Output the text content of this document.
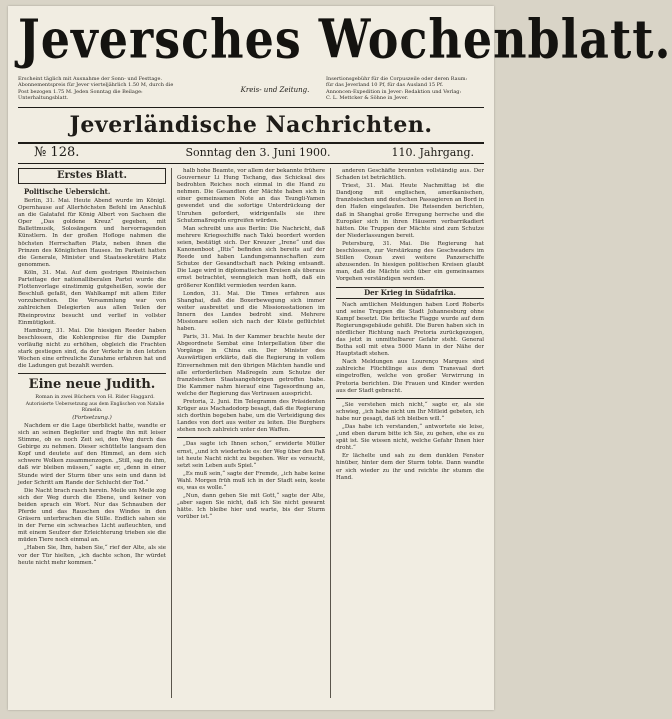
Jeversches Wochenblatt.
Erscheint täglich mit Ausnahme der Sonn- und Festtage. Abonnementspreis für Jever vierteljährlich 1.50 M, durch die Post bezogen 1.75 M. Jeden Sonntag die Beilage: Unterhaltungsblatt.
Kreis- und Zeitung.
Insertionsgebühr für die Corpuszeile oder deren Raum:
für das Jeverland 10 Pf, für das Ausland 15 Pf.
Annoncen-Expedition in Jever: Redaktion und Verlag:
C. L. Mettcker & Söhne in Jever.
Jeverländische Nachrichten.
№ 128.	Sonntag den 3. Juni 1900.	110. Jahrgang.
Erstes Blatt.
Politische Uebersicht.

Berlin, 31. Mai. Heute Abend wurde im Königl. Opernhause auf Allerhöchsten Befehl im Anschluß an die Galatafel für König Albert von Sachsen die Oper „Das goldene Kreuz“ gegeben, mit Ballettmusik, Solosängern und hervorragenden Künstlern. In der großen Hofloge nahmen die höchsten Herrschaften Platz, neben ihnen die Prinzen des Königlichen Hauses. Im Parkett hatten die Generale, Minister und Staatssekretäre Platz genommen.

Köln, 31. Mai. Auf dem gestrigen Rheinischen Parteitage der nationalliberalen Partei wurde die Flottenvorlage einstimmig gutgeheißen, sowie der Beschluß gefaßt, den Wahlkampf mit allem Eifer vorzubereiten. Die Versammlung war von zahlreichen Delegierten aus allen Teilen der Rheinprovinz besucht und verlief in vollster Einmütigkeit.

Hamburg, 31. Mai. Die hiesigen Reeder haben beschlossen, die Kohlenpreise für die Dampfer vorläufig nicht zu erhöhen, obgleich die Frachten stark gestiegen sind, da der Verkehr in den letzten Wochen eine erfreuliche Zunahme erfahren hat und die Ladungen gut bezahlt werden.

Eine neue Judith.

Roman in zwei Büchern von H. Rider Haggard.

Autorisierte Uebersetzung aus dem Englischen von Natalie Rümelin.

(Fortsetzung.)

Nachdem er die Lage überblickt hatte, wandte er sich an seinen Begleiter und fragte ihn mit leiser Stimme, ob es noch Zeit sei, den Weg durch das Gebirge zu nehmen. Dieser schüttelte langsam den Kopf und deutete auf den Himmel, an dem sich schwere Wolken zusammenzogen. „Still, sag du ihm, daß wir bleiben müssen,“ sagte er, „denn in einer Stunde wird der Sturm über uns sein und dann ist jeder Schritt am Rande der Schlucht der Tod.“

Die Nacht brach rasch herein. Meile um Meile zog sich der Weg durch die Ebene, und keiner von beiden sprach ein Wort. Nur das Schnauben der Pferde und das Rauschen des Windes in den Gräsern unterbrachen die Stille. Endlich sahen sie in der Ferne ein schwaches Licht aufleuchten, und mit einem Seufzer der Erleichterung trieben sie die müden Tiere noch einmal an.

„Haben Sie, Ihm, haben Sie,“ rief der Alte, als sie vor der Tür hielten, „ich dachte schon, Ihr würdet heute nicht mehr kommen.“

halb hohe Beamte, vor allem der bekannte frühere Gouverneur Li Hung Tschang, das Schicksal des bedrohten Reiches noch einmal in die Hand zu nehmen. Die Gesandten der Mächte haben sich in einer gemeinsamen Note an das Tsungli-Yamen gewendet und die sofortige Unterdrückung der Unruhen gefordert, widrigenfalls sie ihre Schutzmaßregeln ergreifen würden.

Man schreibt uns aus Berlin: Die Nachricht, daß mehrere Kriegsschiffe nach Takú beordert worden seien, bestätigt sich. Der Kreuzer „Irene“ und das Kanonenboot „Iltis“ befinden sich bereits auf der Reede und haben Landungsmannschaften zum Schutze der Gesandtschaft nach Peking entsandt. Die Lage wird in diplomatischen Kreisen als überaus ernst betrachtet, wenngleich man hofft, daß ein größerer Konflikt vermieden werden kann.

London, 31. Mai. Die Times erfahren aus Shanghai, daß die Boxerbewegung sich immer weiter ausbreitet und die Missionsstationen im Innern des Landes bedroht sind. Mehrere Missionare sollen sich nach der Küste geflüchtet haben.

Paris, 31. Mai. In der Kammer brachte heute der Abgeordnete Sembat eine Interpellation über die Vorgänge in China ein. Der Minister des Auswärtigen erklärte, daß die Regierung in vollem Einvernehmen mit den übrigen Mächten handle und alle erforderlichen Maßregeln zum Schutze der französischen Staatsangehörigen getroffen habe. Die Kammer nahm hierauf eine Tagesordnung an, welche der Regierung das Vertrauen ausspricht.

Pretoria, 2. Juni. Ein Telegramm des Präsidenten Krüger aus Machadodorp besagt, daß die Regierung sich dorthin begeben habe, um die Verteidigung des Landes von dort aus weiter zu leiten. Die Burghers stehen noch zahlreich unter den Waffen.

„Das sagte ich Ihnen schon,“ erwiderte Müller ernst, „und ich wiederhole es: der Weg über den Paß ist heute Nacht nicht zu begehen. Wer es versucht, setzt sein Leben aufs Spiel.“

„Es muß sein,“ sagte der Fremde, „ich habe keine Wahl. Morgen früh muß ich in der Stadt sein, koste es, was es wolle.“

„Nun, dann gehen Sie mit Gott,“ sagte der Alte, „aber sagen Sie nicht, daß ich Sie nicht gewarnt hätte. Ich bleibe hier und warte, bis der Sturm vorüber ist.“

anderen Geschäfte brennten vollständig aus. Der Schaden ist beträchtlich.

Triest, 31. Mai. Heute Nachmittag ist die Dandjong mit englischen, amerikanischen, französischen und deutschen Passagieren an Bord in den Hafen eingelaufen. Die Reisenden berichten, daß in Shanghai große Erregung herrsche und die Europäer sich in ihren Häusern verbarrikadiert hätten. Die Truppen der Mächte sind zum Schutze der Niederlassungen bereit.

Petersburg, 31. Mai. Die Regierung hat beschlossen, zur Verstärkung des Geschwaders im Stillen Ozean zwei weitere Panzerschiffe abzusenden. In hiesigen politischen Kreisen glaubt man, daß die Mächte sich über ein gemeinsames Vorgehen verständigen werden.

Der Krieg in Südafrika.

Nach amtlichen Meldungen haben Lord Roberts und seine Truppen die Stadt Johannesburg ohne Kampf besetzt. Die britische Flagge wurde auf dem Regierungsgebäude gehißt. Die Buren haben sich in nördlicher Richtung nach Pretoria zurückgezogen, das jetzt in unmittelbarer Gefahr steht. General Botha soll mit etwa 5000 Mann in der Nähe der Hauptstadt stehen.

Nach Meldungen aus Lourenço Marques sind zahlreiche Flüchtlinge aus dem Transvaal dort eingetroffen, welche von großer Verwirrung in Pretoria berichten. Die Frauen und Kinder werden aus der Stadt gebracht.

„Sie verstehen mich nicht,“ sagte er, als sie schwieg, „ich habe nicht um Ihr Mitleid gebeten, ich habe nur gesagt, daß ich bleiben will.“

„Das habe ich verstanden,“ antwortete sie leise, „und eben darum bitte ich Sie, zu gehen, ehe es zu spät ist. Sie wissen nicht, welche Gefahr Ihnen hier droht.“

Er lächelte und sah zu dem dunklen Fenster hinüber, hinter dem der Sturm tobte. Dann wandte er sich wieder zu ihr und reichte ihr stumm die Hand.
